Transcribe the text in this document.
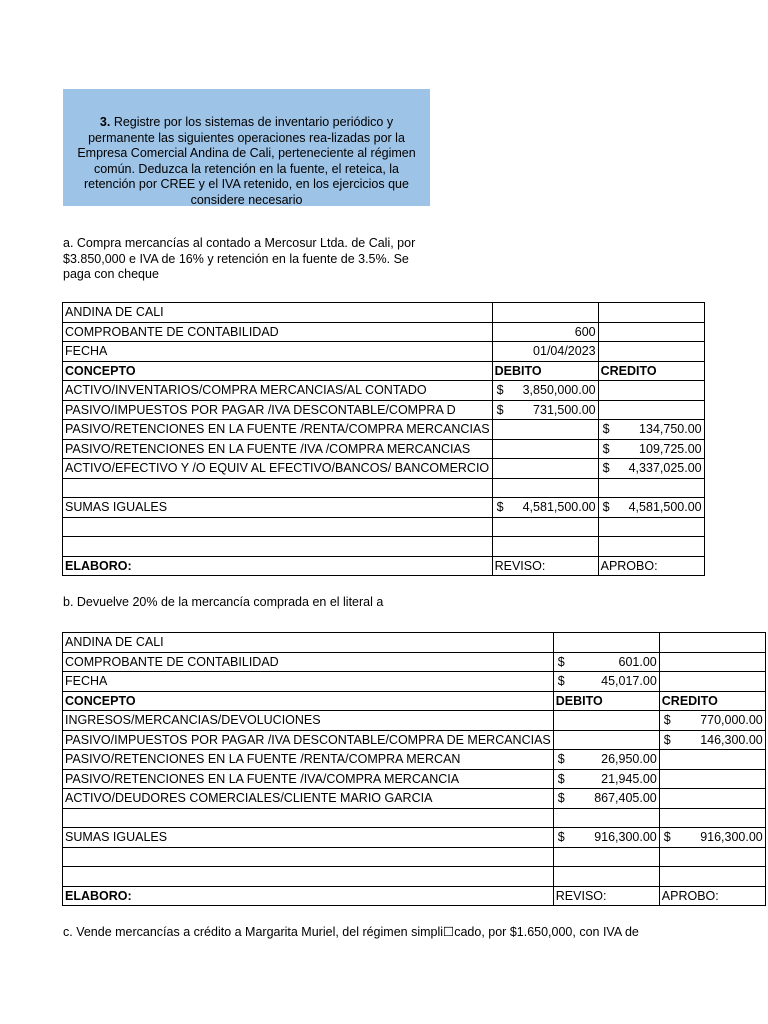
3. Registre por los sistemas de inventario periódico y permanente las siguientes operaciones rea-lizadas por la Empresa Comercial Andina de Cali, perteneciente al régimen común. Deduzca la retención en la fuente, el reteica, la retención por CREE y el IVA retenido, en los ejercicios que considere necesario
a. Compra mercancías al contado a Mercosur Ltda. de Cali, por $3.850,000 e IVA de 16% y retención en la fuente de 3.5%. Se paga con cheque
ANDINA DE CALI		
COMPROBANTE DE CONTABILIDAD	600	
FECHA	01/04/2023	
CONCEPTO	DEBITO	CREDITO
ACTIVO/INVENTARIOS/COMPRA MERCANCIAS/AL CONTADO	$ 3,850,000.00	

PASIVO/IMPUESTOS POR PAGAR /IVA DESCONTABLE/COMPRA D	$ 731,500.00	

PASIVO/RETENCIONES EN LA FUENTE /RENTA/COMPRA MERCANCIAS		$ 134,750.00

PASIVO/RETENCIONES EN LA FUENTE /IVA /COMPRA MERCANCIAS		$ 109,725.00

ACTIVO/EFECTIVO Y /O EQUIV AL EFECTIVO/BANCOS/ BANCOMERCIO		$ 4,337,025.00

SUMAS IGUALES	$ 4,581,500.00	$ 4,581,500.00

ELABORO:	REVISO:	APROBO:
b. Devuelve 20% de la mercancía comprada en el literal a
ANDINA DE CALI		
COMPROBANTE DE CONTABILIDAD	$ 601.00	

FECHA	$ 45,017.00	

CONCEPTO	DEBITO	CREDITO
INGRESOS/MERCANCIAS/DEVOLUCIONES		$ 770,000.00

PASIVO/IMPUESTOS POR PAGAR /IVA DESCONTABLE/COMPRA DE MERCANCIAS		$ 146,300.00

PASIVO/RETENCIONES EN LA FUENTE /RENTA/COMPRA MERCAN	$ 26,950.00	

PASIVO/RETENCIONES EN LA FUENTE /IVA/COMPRA MERCANCIA	$ 21,945.00	

ACTIVO/DEUDORES COMERCIALES/CLIENTE MARIO GARCIA	$ 867,405.00	

SUMAS IGUALES	$ 916,300.00	$ 916,300.00

ELABORO:	REVISO:	APROBO:
c. Vende mercancías a crédito a Margarita Muriel, del régimen simpli☐cado, por $1.650,000, con IVA de
